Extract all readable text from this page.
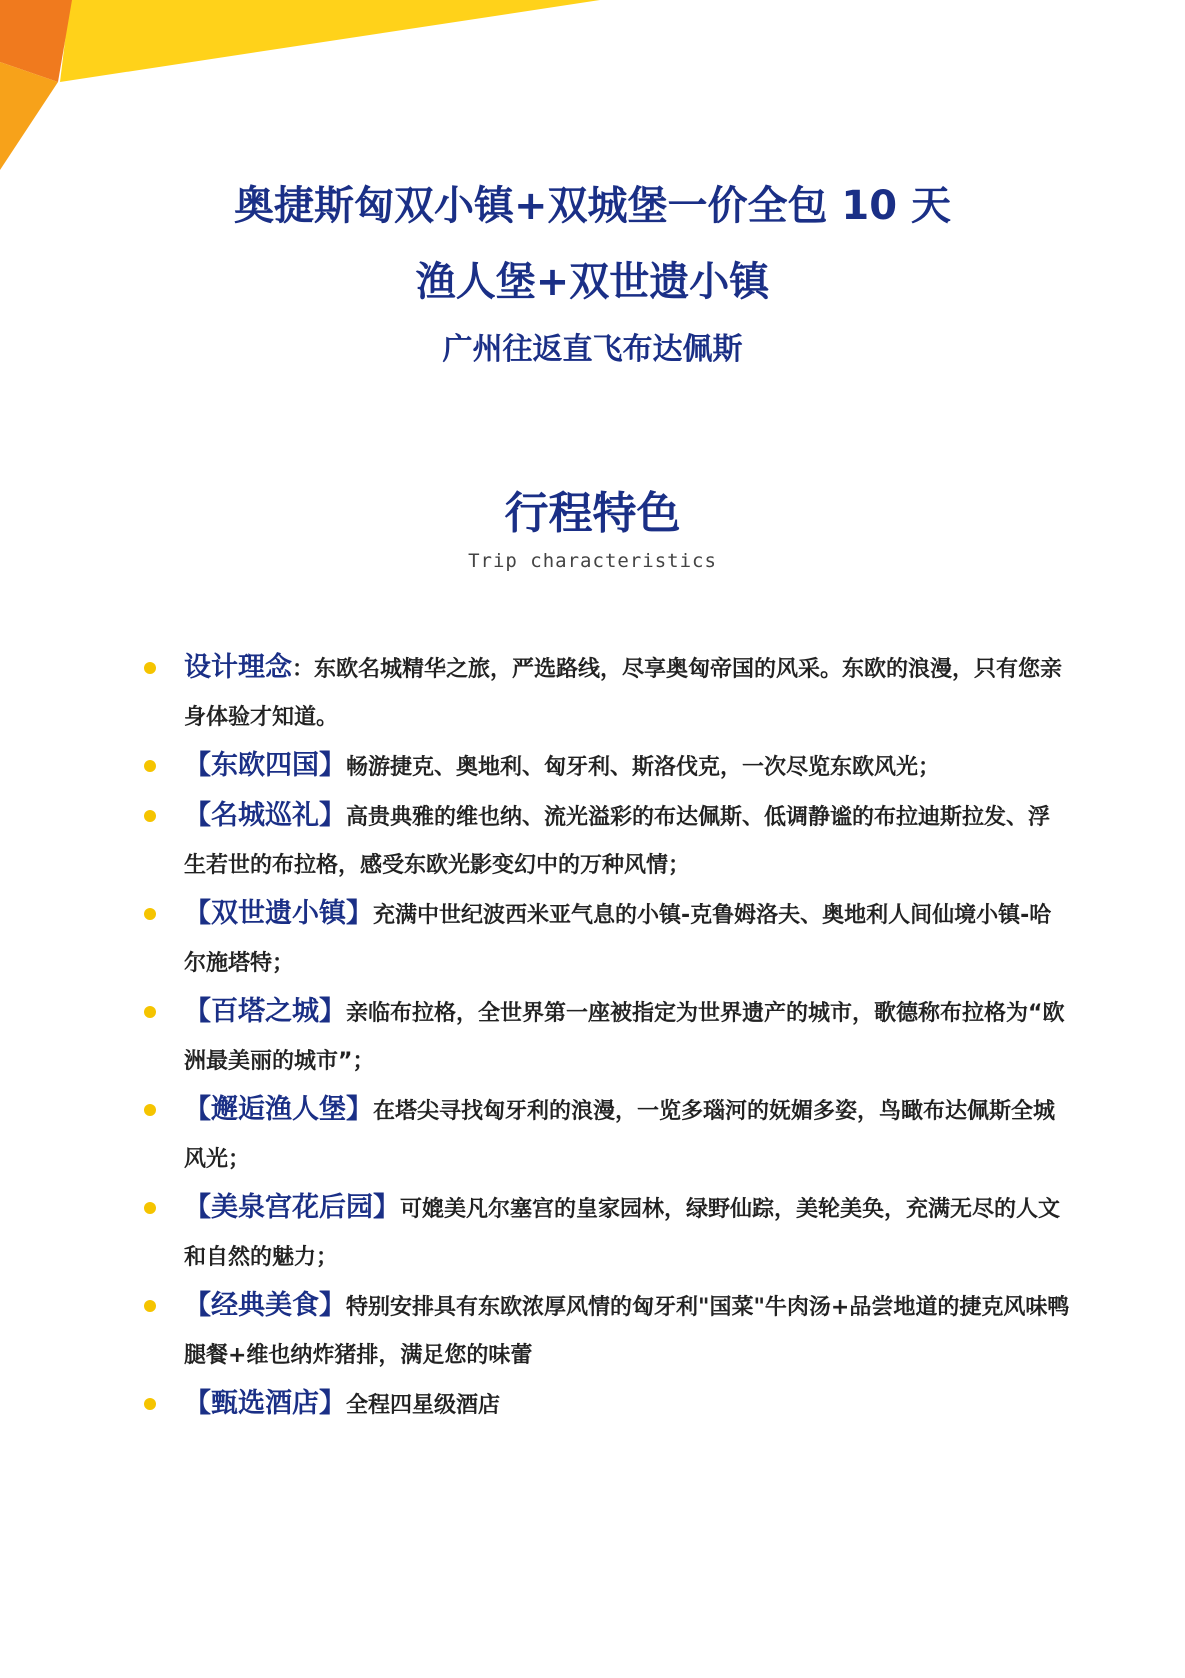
奥捷斯匈双小镇+双城堡一价全包 10 天
渔人堡+双世遗小镇
广州往返直飞布达佩斯
行程特色
Trip characteristics
设计理念：东欧名城精华之旅，严选路线，尽享奥匈帝国的风采。东欧的浪漫，只有您亲身体验才知道。
【东欧四国】畅游捷克、奥地利、匈牙利、斯洛伐克，一次尽览东欧风光；
【名城巡礼】高贵典雅的维也纳、流光溢彩的布达佩斯、低调静谧的布拉迪斯拉发、浮生若世的布拉格，感受东欧光影变幻中的万种风情；
【双世遗小镇】充满中世纪波西米亚气息的小镇-克鲁姆洛夫、奥地利人间仙境小镇-哈尔施塔特；
【百塔之城】亲临布拉格，全世界第一座被指定为世界遗产的城市，歌德称布拉格为“欧洲最美丽的城市”；
【邂逅渔人堡】在塔尖寻找匈牙利的浪漫，一览多瑙河的妩媚多姿，鸟瞰布达佩斯全城风光；
【美泉宫花后园】可媲美凡尔塞宫的皇家园林，绿野仙踪，美轮美奂，充满无尽的人文和自然的魅力；
【经典美食】特别安排具有东欧浓厚风情的匈牙利"国菜"牛肉汤+品尝地道的捷克风味鸭腿餐+维也纳炸猪排，满足您的味蕾
【甄选酒店】全程四星级酒店
